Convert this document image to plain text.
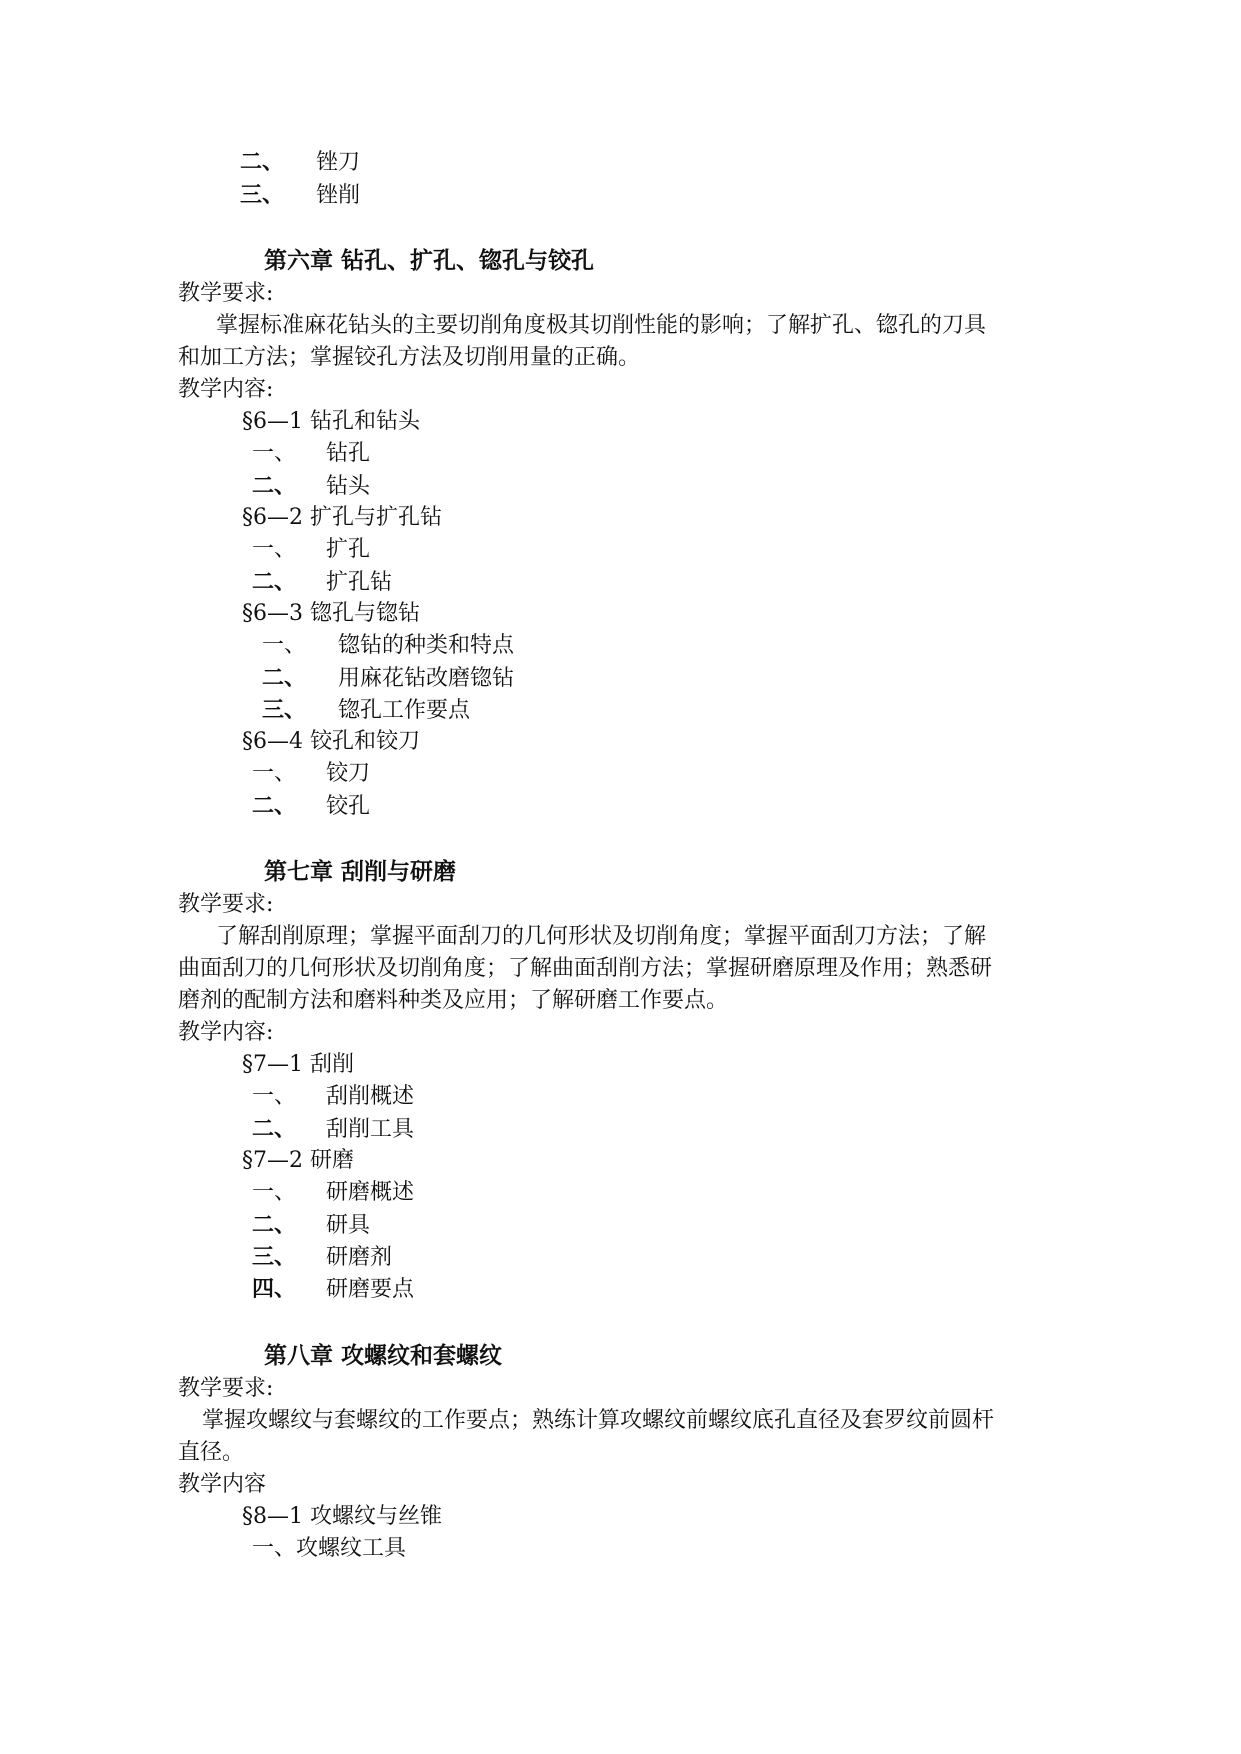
二、 锉刀
三、 锉削
第六章 钻孔、扩孔、锪孔与铰孔
教学要求:
掌握标准麻花钻头的主要切削角度极其切削性能的影响；了解扩孔、锪孔的刀具
和加工方法；掌握铰孔方法及切削用量的正确。
教学内容:
§6—1 钻孔和钻头
一、 钻孔
二、 钻头
§6—2 扩孔与扩孔钻
一、 扩孔
二、 扩孔钻
§6—3 锪孔与锪钻
一、 锪钻的种类和特点
二、 用麻花钻改磨锪钻
三、 锪孔工作要点
§6—4 铰孔和铰刀
一、 铰刀
二、 铰孔
第七章 刮削与研磨
教学要求:
了解刮削原理；掌握平面刮刀的几何形状及切削角度；掌握平面刮刀方法；了解
曲面刮刀的几何形状及切削角度；了解曲面刮削方法；掌握研磨原理及作用；熟悉研
磨剂的配制方法和磨料种类及应用；了解研磨工作要点。
教学内容:
§7—1 刮削
一、 刮削概述
二、 刮削工具
§7—2 研磨
一、 研磨概述
二、 研具
三、 研磨剂
四、 研磨要点
第八章 攻螺纹和套螺纹
教学要求:
掌握攻螺纹与套螺纹的工作要点；熟练计算攻螺纹前螺纹底孔直径及套罗纹前圆杆
直径。
教学内容
§8—1 攻螺纹与丝锥
一、攻螺纹工具
